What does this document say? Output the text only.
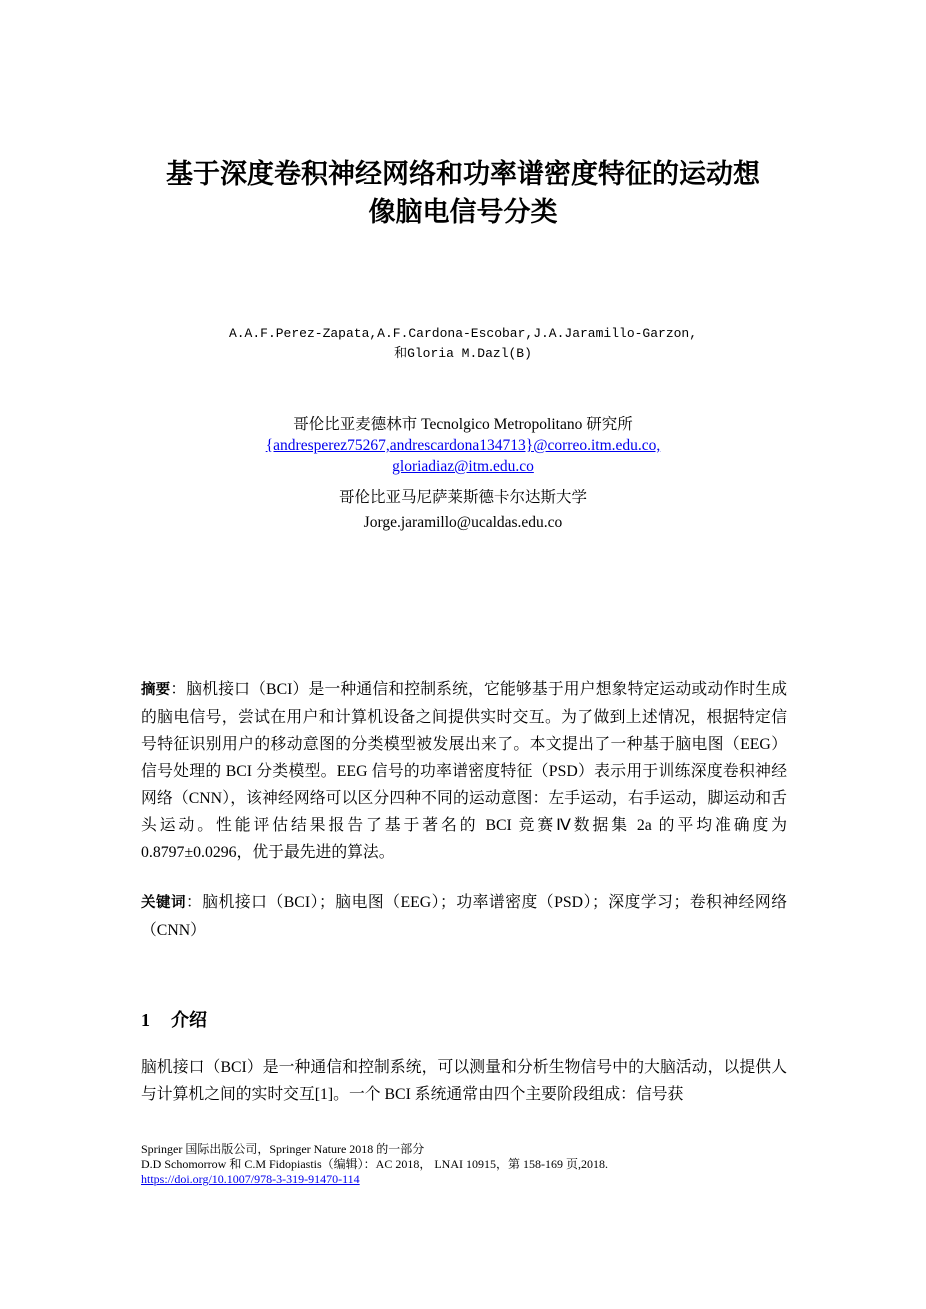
基于深度卷积神经网络和功率谱密度特征的运动想
像脑电信号分类
A.A.F.Perez-Zapata,A.F.Cardona-Escobar,J.A.Jaramillo-Garzon,
和Gloria M.Dazl(B)
哥伦比亚麦德林市 Tecnolgico Metropolitano 研究所
{andresperez75267,andrescardona134713}@correo.itm.edu.co,
gloriadiaz@itm.edu.co
哥伦比亚马尼萨莱斯德卡尔达斯大学
Jorge.jaramillo@ucaldas.edu.co
摘要：脑机接口（BCI）是一种通信和控制系统，它能够基于用户想象特定运动或动作时生成的脑电信号，尝试在用户和计算机设备之间提供实时交互。为了做到上述情况，根据特定信号特征识别用户的移动意图的分类模型被发展出来了。本文提出了一种基于脑电图（EEG）信号处理的 BCI 分类模型。EEG 信号的功率谱密度特征（PSD）表示用于训练深度卷积神经网络（CNN），该神经网络可以区分四种不同的运动意图：左手运动，右手运动，脚运动和舌头运动。性能评估结果报告了基于著名的 BCI 竞赛Ⅳ数据集 2a 的平均准确度为 0.8797±0.0296，优于最先进的算法。
关键词：脑机接口（BCI）；脑电图（EEG）；功率谱密度（PSD）；深度学习；卷积神经网络（CNN）
1 介绍
脑机接口（BCI）是一种通信和控制系统，可以测量和分析生物信号中的大脑活动，以提供人与计算机之间的实时交互[1]。一个 BCI 系统通常由四个主要阶段组成：信号获
Springer 国际出版公司，Springer Nature 2018 的一部分
D.D Schomorrow 和 C.M Fidopiastis（编辑）：AC 2018， LNAI 10915，第 158-169 页,2018.
https://doi.org/10.1007/978-3-319-91470-114
